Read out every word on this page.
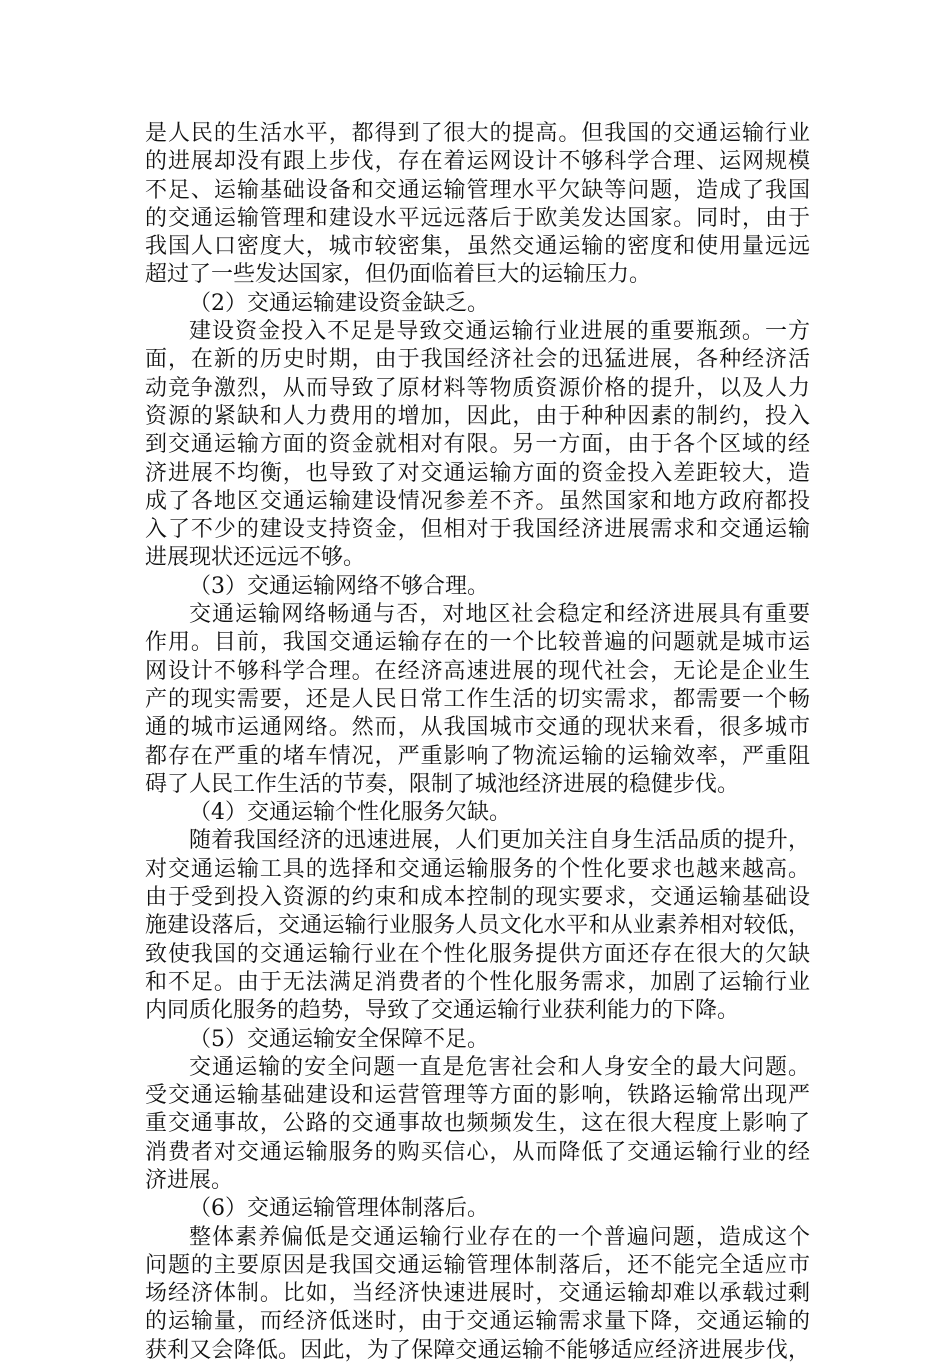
是人民的生活水平，都得到了很大的提高。但我国的交通运输行业
的进展却没有跟上步伐，存在着运网设计不够科学合理、运网规模
不足、运输基础设备和交通运输管理水平欠缺等问题，造成了我国
的交通运输管理和建设水平远远落后于欧美发达国家。同时，由于
我国人口密度大，城市较密集，虽然交通运输的密度和使用量远远
超过了一些发达国家，但仍面临着巨大的运输压力。
（2）交通运输建设资金缺乏。
建设资金投入不足是导致交通运输行业进展的重要瓶颈。一方
面，在新的历史时期，由于我国经济社会的迅猛进展，各种经济活
动竞争激烈，从而导致了原材料等物质资源价格的提升，以及人力
资源的紧缺和人力费用的增加，因此，由于种种因素的制约，投入
到交通运输方面的资金就相对有限。另一方面，由于各个区域的经
济进展不均衡，也导致了对交通运输方面的资金投入差距较大，造
成了各地区交通运输建设情况参差不齐。虽然国家和地方政府都投
入了不少的建设支持资金，但相对于我国经济进展需求和交通运输
进展现状还远远不够。
（3）交通运输网络不够合理。
交通运输网络畅通与否，对地区社会稳定和经济进展具有重要
作用。目前，我国交通运输存在的一个比较普遍的问题就是城市运
网设计不够科学合理。在经济高速进展的现代社会，无论是企业生
产的现实需要，还是人民日常工作生活的切实需求，都需要一个畅
通的城市运通网络。然而，从我国城市交通的现状来看，很多城市
都存在严重的堵车情况，严重影响了物流运输的运输效率，严重阻
碍了人民工作生活的节奏，限制了城池经济进展的稳健步伐。
（4）交通运输个性化服务欠缺。
随着我国经济的迅速进展，人们更加关注自身生活品质的提升，
对交通运输工具的选择和交通运输服务的个性化要求也越来越高。
由于受到投入资源的约束和成本控制的现实要求，交通运输基础设
施建设落后，交通运输行业服务人员文化水平和从业素养相对较低，
致使我国的交通运输行业在个性化服务提供方面还存在很大的欠缺
和不足。由于无法满足消费者的个性化服务需求，加剧了运输行业
内同质化服务的趋势，导致了交通运输行业获利能力的下降。
（5）交通运输安全保障不足。
交通运输的安全问题一直是危害社会和人身安全的最大问题。
受交通运输基础建设和运营管理等方面的影响，铁路运输常出现严
重交通事故，公路的交通事故也频频发生，这在很大程度上影响了
消费者对交通运输服务的购买信心，从而降低了交通运输行业的经
济进展。
（6）交通运输管理体制落后。
整体素养偏低是交通运输行业存在的一个普遍问题，造成这个
问题的主要原因是我国交通运输管理体制落后，还不能完全适应市
场经济体制。比如，当经济快速进展时，交通运输却难以承载过剩
的运输量，而经济低迷时，由于交通运输需求量下降，交通运输的
获利又会降低。因此，为了保障交通运输不能够适应经济进展步伐，
